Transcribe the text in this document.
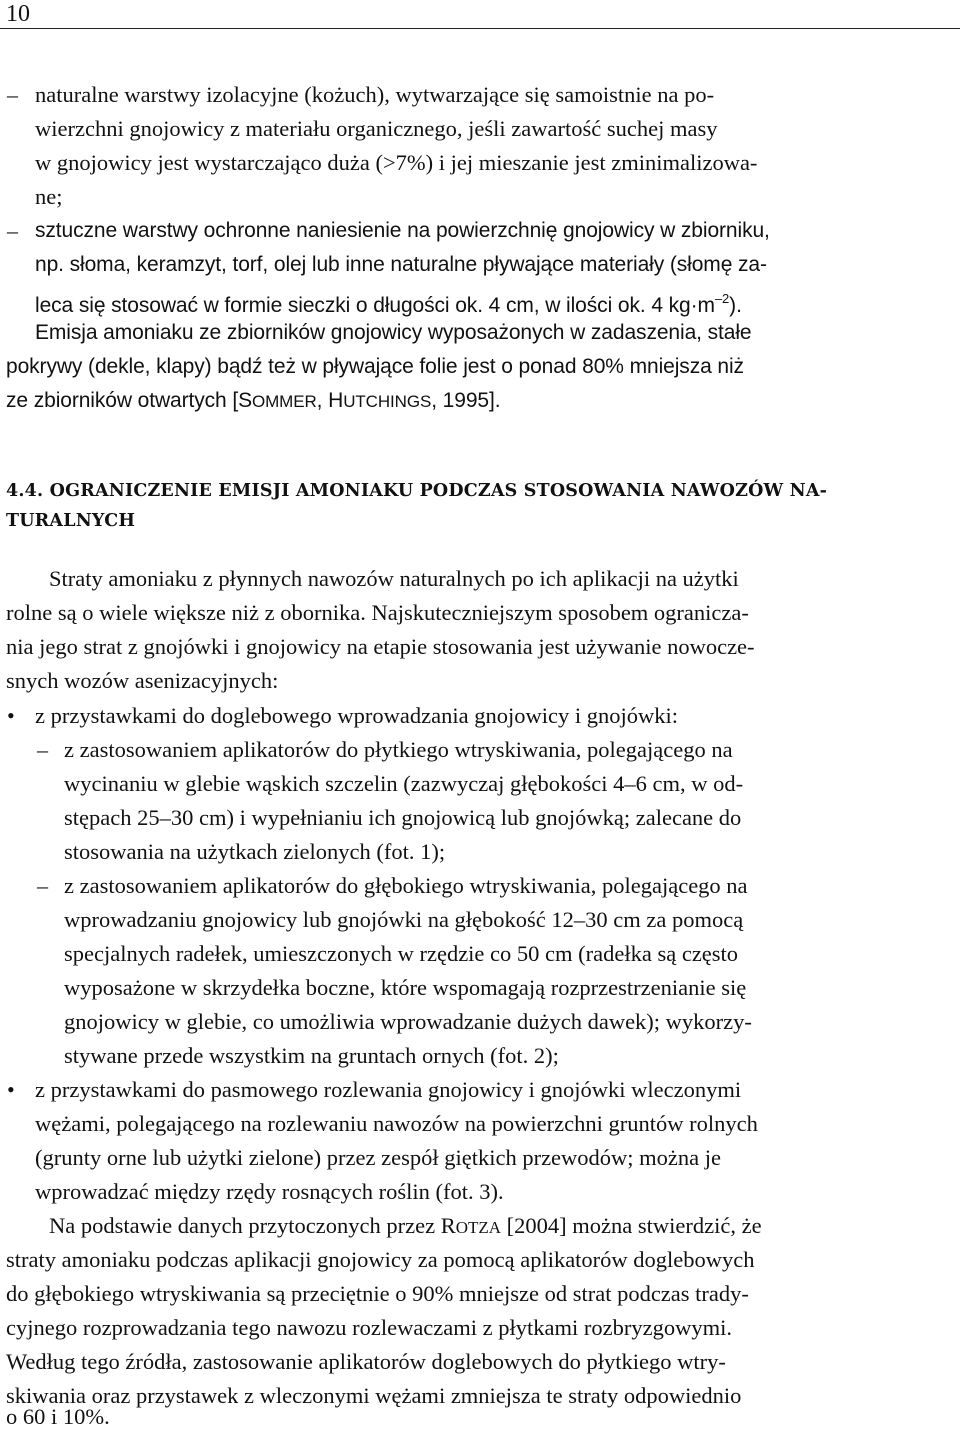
10
– naturalne warstwy izolacyjne (kożuch), wytwarzające się samoistnie na po-
wierzchni gnojowicy z materiału organicznego, jeśli zawartość suchej masy
w gnojowicy jest wystarczająco duża (>7%) i jej mieszanie jest zminimalizowa-
ne;
– sztuczne warstwy ochronne naniesienie na powierzchnię gnojowicy w zbiorniku,
np. słoma, keramzyt, torf, olej lub inne naturalne pływające materiały (słomę za-
leca się stosować w formie sieczki o długości ok. 4 cm, w ilości ok. 4 $kg\cdot m^{-2}$).
Emisja amoniaku ze zbiorników gnojowicy wyposażonych w zadaszenia, stałe
pokrywy (dekle, klapy) bądź też w pływające folie jest o ponad 80% mniejsza niż
ze zbiorników otwartych [SOMMER, HUTCHINGS, 1995].
4.4. OGRANICZENIE EMISJI AMONIAKU PODCZAS STOSOWANIA NAWOZÓW NA-
TURALNYCH
Straty amoniaku z płynnych nawozów naturalnych po ich aplikacji na użytki
rolne są o wiele większe niż z obornika. Najskuteczniejszym sposobem ogranicza-
nia jego strat z gnojówki i gnojowicy na etapie stosowania jest używanie nowocze-
snych wozów asenizacyjnych:
• z przystawkami do doglebowego wprowadzania gnojowicy i gnojówki:
– z zastosowaniem aplikatorów do płytkiego wtryskiwania, polegającego na
wycinaniu w glebie wąskich szczelin (zazwyczaj głębokości 4–6 cm, w od-
stępach 25–30 cm) i wypełnianiu ich gnojowicą lub gnojówką; zalecane do
stosowania na użytkach zielonych (fot. 1);
– z zastosowaniem aplikatorów do głębokiego wtryskiwania, polegającego na
wprowadzaniu gnojowicy lub gnojówki na głębokość 12–30 cm za pomocą
specjalnych radełek, umieszczonych w rzędzie co 50 cm (radełka są często
wyposażone w skrzydełka boczne, które wspomagają rozprzestrzenianie się
gnojowicy w glebie, co umożliwia wprowadzanie dużych dawek); wykorzy-
stywane przede wszystkim na gruntach ornych (fot. 2);
• z przystawkami do pasmowego rozlewania gnojowicy i gnojówki wleczonymi
wężami, polegającego na rozlewaniu nawozów na powierzchni gruntów rolnych
(grunty orne lub użytki zielone) przez zespół giętkich przewodów; można je
wprowadzać między rzędy rosnących roślin (fot. 3).
Na podstawie danych przytoczonych przez ROTZA [2004] można stwierdzić, że
straty amoniaku podczas aplikacji gnojowicy za pomocą aplikatorów doglebowych
do głębokiego wtryskiwania są przeciętnie o 90% mniejsze od strat podczas trady-
cyjnego rozprowadzania tego nawozu rozlewaczami z płytkami rozbryzgowymi.
Według tego źródła, zastosowanie aplikatorów doglebowych do płytkiego wtry-
skiwania oraz przystawek z wleczonymi wężami zmniejsza te straty odpowiednio
o 60 i 10%.
